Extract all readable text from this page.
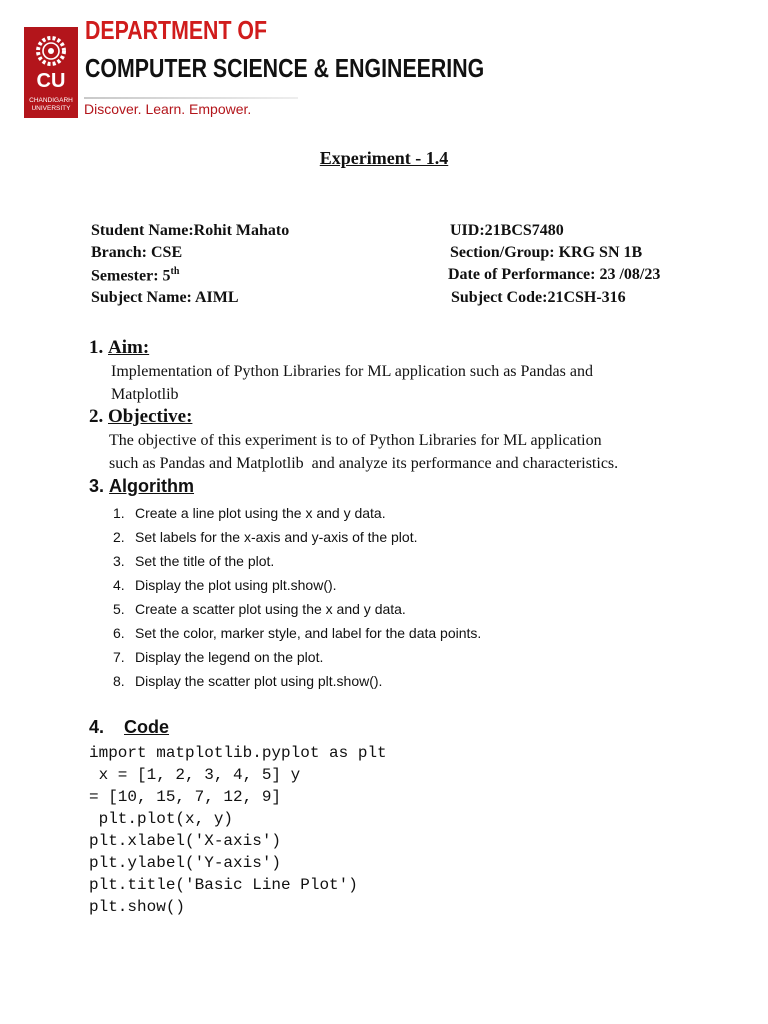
CU
CHANDIGARH
UNIVERSITY
DEPARTMENT OF
COMPUTER SCIENCE & ENGINEERING
Discover. Learn. Empower.
Experiment - 1.4
Student Name:Rohit Mahato	UID:21BCS7480
Branch: CSE	Section/Group: KRG SN 1B
Semester: 5th	Date of Performance: 23 /08/23
Subject Name: AIML	Subject Code:21CSH-316
1. Aim:
Implementation of Python Libraries for ML application such as Pandas and
Matplotlib
2. Objective:
The objective of this experiment is to of Python Libraries for ML application
such as Pandas and Matplotlib  and analyze its performance and characteristics.
3. Algorithm
1. Create a line plot using the x and y data.
2. Set labels for the x-axis and y-axis of the plot.
3. Set the title of the plot.
4. Display the plot using plt.show().
5. Create a scatter plot using the x and y data.
6. Set the color, marker style, and label for the data points.
7. Display the legend on the plot.
8. Display the scatter plot using plt.show().
4. Code
import matplotlib.pyplot as plt
x = [1, 2, 3, 4, 5] y
= [10, 15, 7, 12, 9]
plt.plot(x, y)
plt.xlabel('X-axis')
plt.ylabel('Y-axis')
plt.title('Basic Line Plot')
plt.show()
